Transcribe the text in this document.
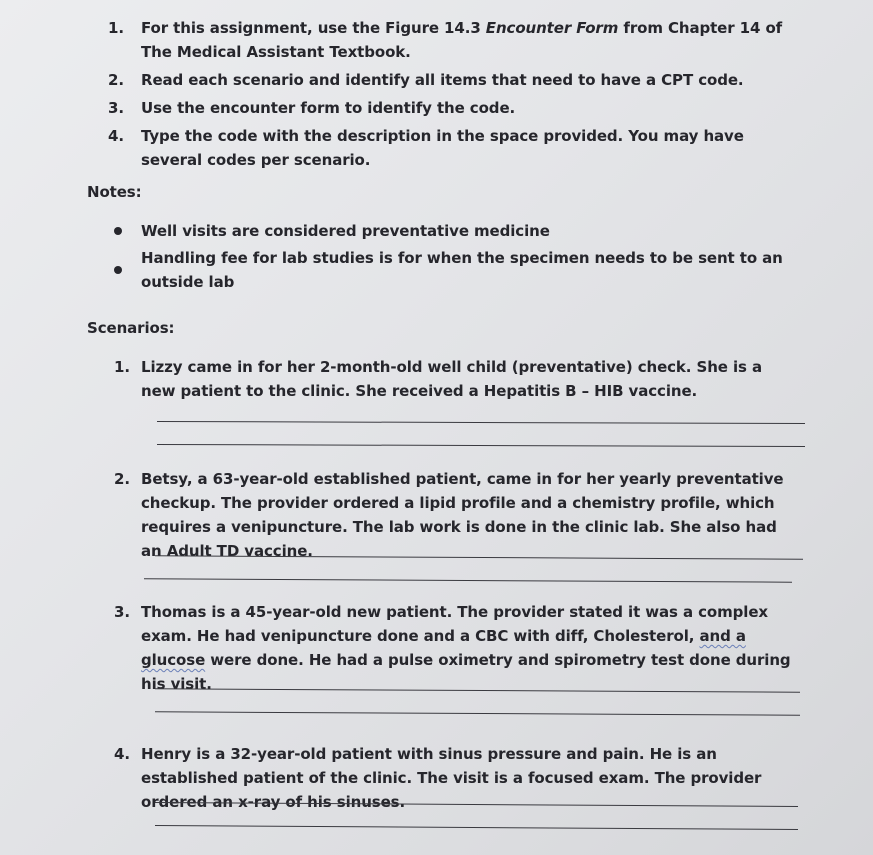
1.	For this assignment, use the Figure 14.3 Encounter Form from Chapter 14 of The Medical Assistant Textbook.
2.	Read each scenario and identify all items that need to have a CPT code.
3.	Use the encounter form to identify the code.
4.	Type the code with the description in the space provided. You may have several codes per scenario.
Notes:
Well visits are considered preventative medicine
Handling fee for lab studies is for when the specimen needs to be sent to an outside lab
Scenarios:
1. Lizzy came in for her 2-month-old well child (preventative) check. She is a new patient to the clinic. She received a Hepatitis B – HIB vaccine.
2. Betsy, a 63-year-old established patient, came in for her yearly preventative checkup. The provider ordered a lipid profile and a chemistry profile, which requires a venipuncture. The lab work is done in the clinic lab. She also had an Adult TD vaccine.
3. Thomas is a 45-year-old new patient. The provider stated it was a complex exam. He had venipuncture done and a CBC with diff, Cholesterol, and a glucose were done. He had a pulse oximetry and spirometry test done during his visit.
4. Henry is a 32-year-old patient with sinus pressure and pain. He is an established patient of the clinic. The visit is a focused exam. The provider ordered an x-ray of his sinuses.
